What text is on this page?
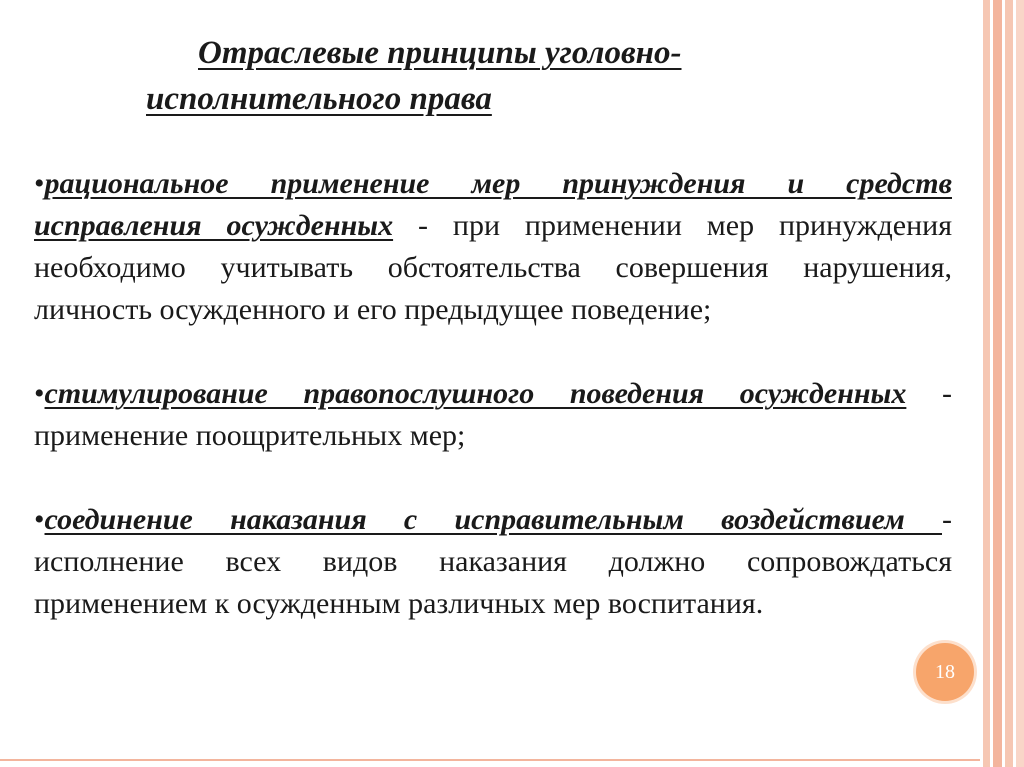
Отраслевые принципы уголовно-
исполнительного права

•рациональное применение мер принуждения и средств исправления осужденных - при применении мер принуждения необходимо учитывать обстоятельства совершения нарушения, личность осужденного и его предыдущее поведение;

•стимулирование правопослушного поведения осужденных - применение поощрительных мер;

•соединение наказания с исправительным воздействием - исполнение всех видов наказания должно сопровождаться применением к осужденным различных мер воспитания.

18
